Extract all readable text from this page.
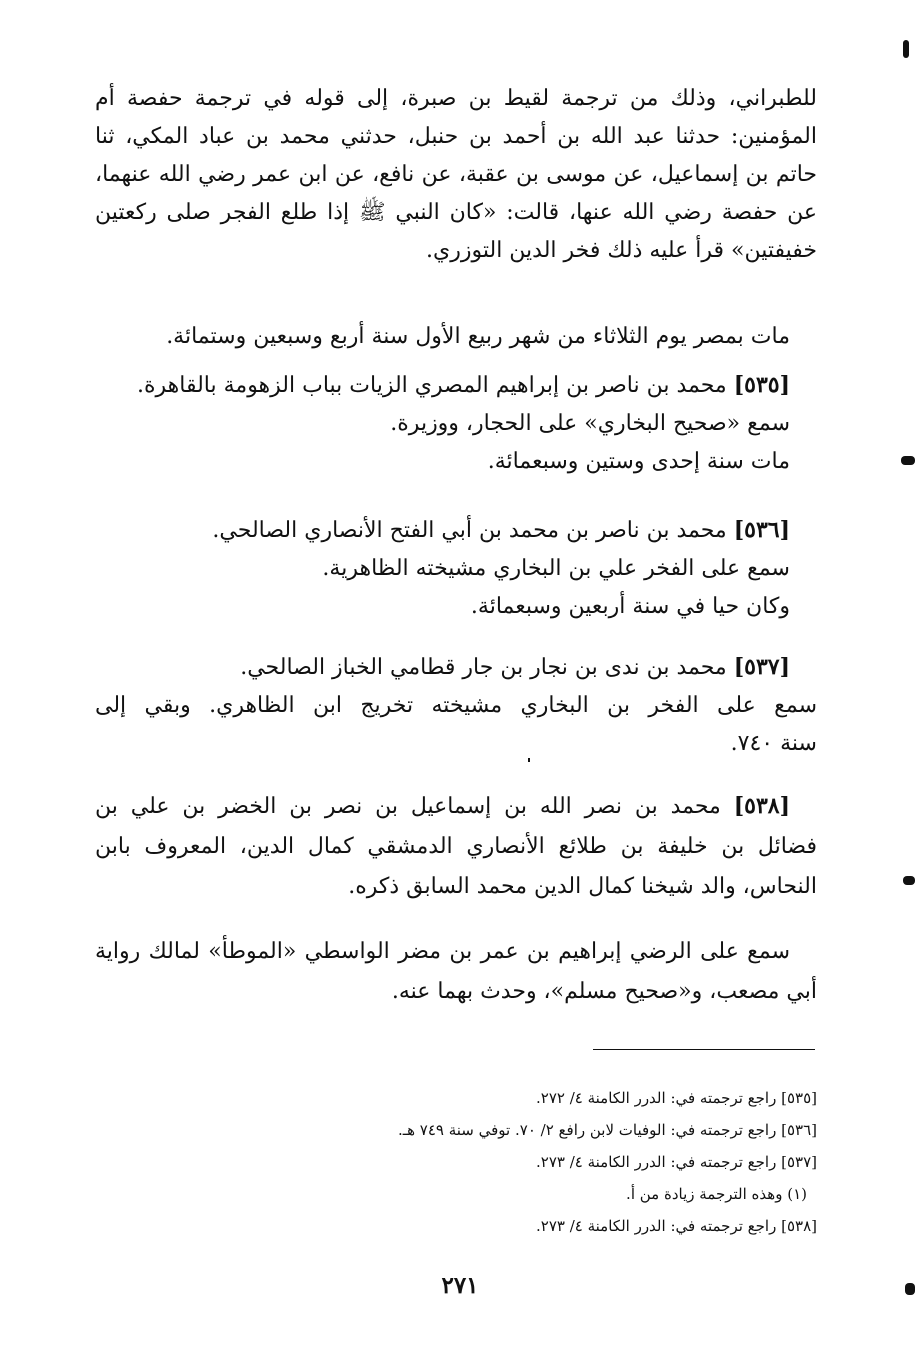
للطبراني، وذلك من ترجمة لقيط بن صبرة، إلى قوله في ترجمة حفصة أم
المؤمنين: حدثنا عبد الله بن أحمد بن حنبل، حدثني محمد بن عباد المكي، ثنا
حاتم بن إسماعيل، عن موسى بن عقبة، عن نافع، عن ابن عمر رضي الله عنهما،
عن حفصة رضي الله عنها، قالت: «كان النبي ﷺ إذا طلع الفجر صلى ركعتين
خفيفتين» قرأ عليه ذلك فخر الدين التوزري.
مات بمصر يوم الثلاثاء من شهر ربيع الأول سنة أربع وسبعين وستمائة.
[٥٣٥] محمد بن ناصر بن إبراهيم المصري الزيات بباب الزهومة بالقاهرة.
سمع «صحيح البخاري» على الحجار، ووزيرة.
مات سنة إحدى وستين وسبعمائة.
[٥٣٦] محمد بن ناصر بن محمد بن أبي الفتح الأنصاري الصالحي.
سمع على الفخر علي بن البخاري مشيخته الظاهرية.
وكان حيا في سنة أربعين وسبعمائة.
[٥٣٧] محمد بن ندى بن نجار بن جار قطامي الخباز الصالحي.
سمع على الفخر بن البخاري مشيخته تخريج ابن الظاهري. وبقي إلى
سنة ٧٤٠.
[٥٣٨] محمد بن نصر الله بن إسماعيل بن نصر بن الخضر بن علي بن
فضائل بن خليفة بن طلائع الأنصاري الدمشقي كمال الدين، المعروف بابن
النحاس، والد شيخنا كمال الدين محمد السابق ذكره.
سمع على الرضي إبراهيم بن عمر بن مضر الواسطي «الموطأ» لمالك رواية
أبي مصعب، و«صحيح مسلم»، وحدث بهما عنه.
[٥٣٥] راجع ترجمته في: الدرر الكامنة ٤/ ٢٧٢.
[٥٣٦] راجع ترجمته في: الوفيات لابن رافع ٢/ ٧٠. توفي سنة ٧٤٩ هـ.
[٥٣٧] راجع ترجمته في: الدرر الكامنة ٤/ ٢٧٣.
(١) وهذه الترجمة زيادة من أ.
[٥٣٨] راجع ترجمته في: الدرر الكامنة ٤/ ٢٧٣.
٢٧١
